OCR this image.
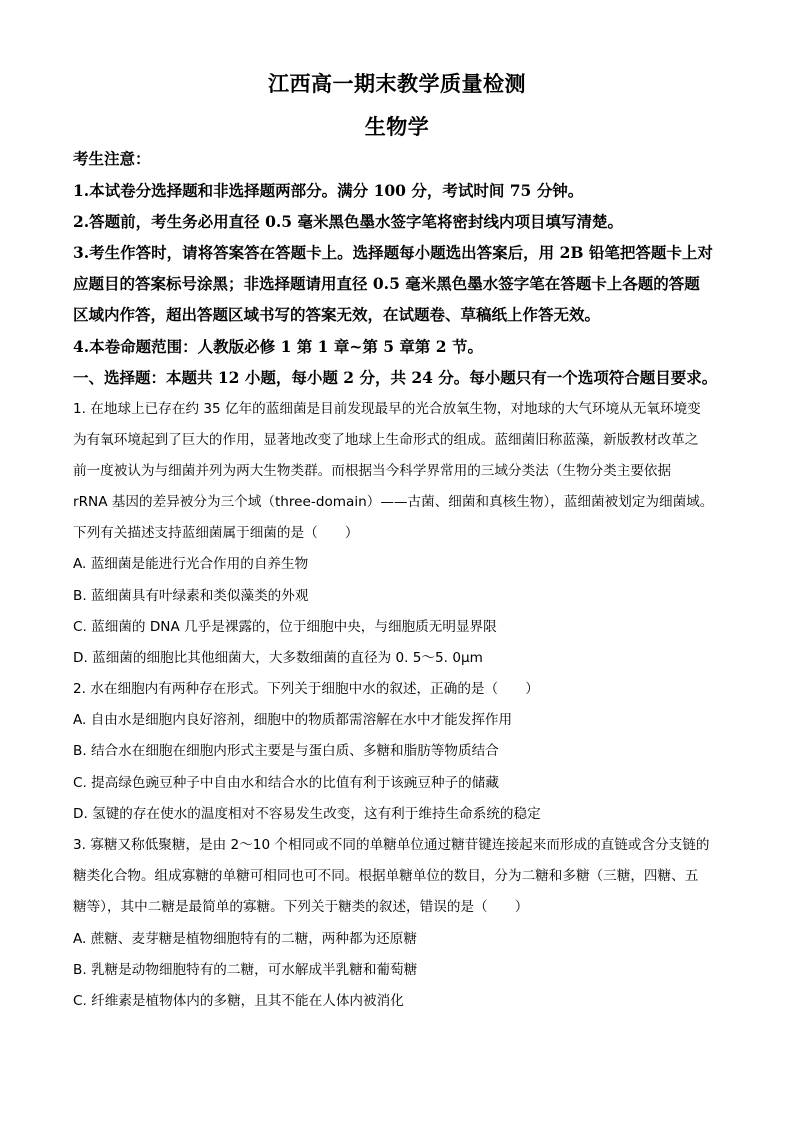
江西高一期末教学质量检测
生物学
考生注意：
1.本试卷分选择题和非选择题两部分。满分 100 分，考试时间 75 分钟。
2.答题前，考生务必用直径 0.5 毫米黑色墨水签字笔将密封线内项目填写清楚。
3.考生作答时，请将答案答在答题卡上。选择题每小题选出答案后，用 2B 铅笔把答题卡上对
应题目的答案标号涂黑；非选择题请用直径 0.5 毫米黑色墨水签字笔在答题卡上各题的答题
区域内作答，超出答题区域书写的答案无效，在试题卷、草稿纸上作答无效。
4.本卷命题范围：人教版必修 1 第 1 章~第 5 章第 2 节。
一、选择题：本题共 12 小题，每小题 2 分，共 24 分。每小题只有一个选项符合题目要求。
1. 在地球上已存在约 35 亿年的蓝细菌是目前发现最早的光合放氧生物，对地球的大气环境从无氧环境变
为有氧环境起到了巨大的作用，显著地改变了地球上生命形式的组成。蓝细菌旧称蓝藻，新版教材改革之
前一度被认为与细菌并列为两大生物类群。而根据当今科学界常用的三域分类法（生物分类主要依据
rRNA 基因的差异被分为三个域（three-domain）——古菌、细菌和真核生物），蓝细菌被划定为细菌域。
下列有关描述支持蓝细菌属于细菌的是（　　）
A. 蓝细菌是能进行光合作用的自养生物
B. 蓝细菌具有叶绿素和类似藻类的外观
C. 蓝细菌的 DNA 几乎是裸露的，位于细胞中央，与细胞质无明显界限
D. 蓝细菌的细胞比其他细菌大，大多数细菌的直径为 0. 5～5. 0μm
2. 水在细胞内有两种存在形式。下列关于细胞中水的叙述，正确的是（　　）
A. 自由水是细胞内良好溶剂，细胞中的物质都需溶解在水中才能发挥作用
B. 结合水在细胞在细胞内形式主要是与蛋白质、多糖和脂肪等物质结合
C. 提高绿色豌豆种子中自由水和结合水的比值有利于该豌豆种子的储藏
D. 氢键的存在使水的温度相对不容易发生改变，这有利于维持生命系统的稳定
3. 寡糖又称低聚糖，是由 2～10 个相同或不同的单糖单位通过糖苷键连接起来而形成的直链或含分支链的
糖类化合物。组成寡糖的单糖可相同也可不同。根据单糖单位的数目，分为二糖和多糖（三糖，四糖、五
糖等），其中二糖是最简单的寡糖。下列关于糖类的叙述，错误的是（　　）
A. 蔗糖、麦芽糖是植物细胞特有的二糖，两种都为还原糖
B. 乳糖是动物细胞特有的二糖，可水解成半乳糖和葡萄糖
C. 纤维素是植物体内的多糖，且其不能在人体内被消化
